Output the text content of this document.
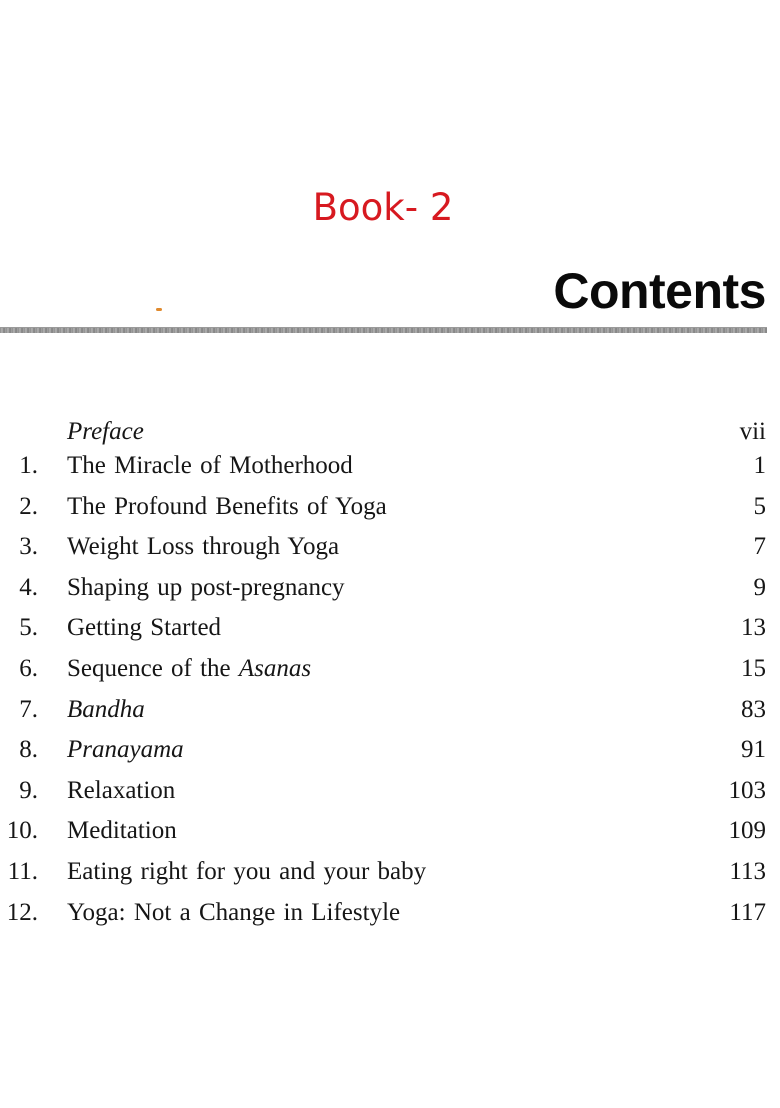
Book- 2
Contents
Preface	vii
1. The Miracle of Motherhood	1
2. The Profound Benefits of Yoga	5
3. Weight Loss through Yoga	7
4. Shaping up post-pregnancy	9
5. Getting Started	13
6. Sequence of the Asanas	15
7. Bandha	83
8. Pranayama	91
9. Relaxation	103
10. Meditation	109
11. Eating right for you and your baby	113
12. Yoga: Not a Change in Lifestyle	117
